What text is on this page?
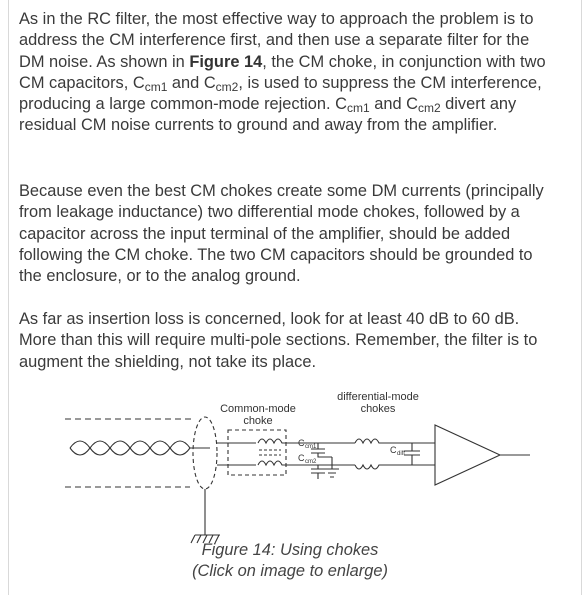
As in the RC filter, the most effective way to approach the problem is to address the CM interference first, and then use a separate filter for the DM noise. As shown in Figure 14, the CM choke, in conjunction with two CM capacitors, $C_{cm1}$ and $C_{cm2}$, is used to suppress the CM interference, producing a large common-mode rejection. $C_{cm1}$ and $C_{cm2}$ divert any residual CM noise currents to ground and away from the amplifier.

Because even the best CM chokes create some DM currents (principally from leakage inductance) two differential mode chokes, followed by a capacitor across the input terminal of the amplifier, should be added following the CM choke. The two CM capacitors should be grounded to the enclosure, or to the analog ground.

As far as insertion loss is concerned, look for at least 40 dB to 60 dB. More than this will require multi-pole sections. Remember, the filter is to augment the shielding, not take its place.

Common-mode
choke
differential-mode
chokes
C cm1
C cm2
C diff
Figure 14: Using chokes
(Click on image to enlarge)
